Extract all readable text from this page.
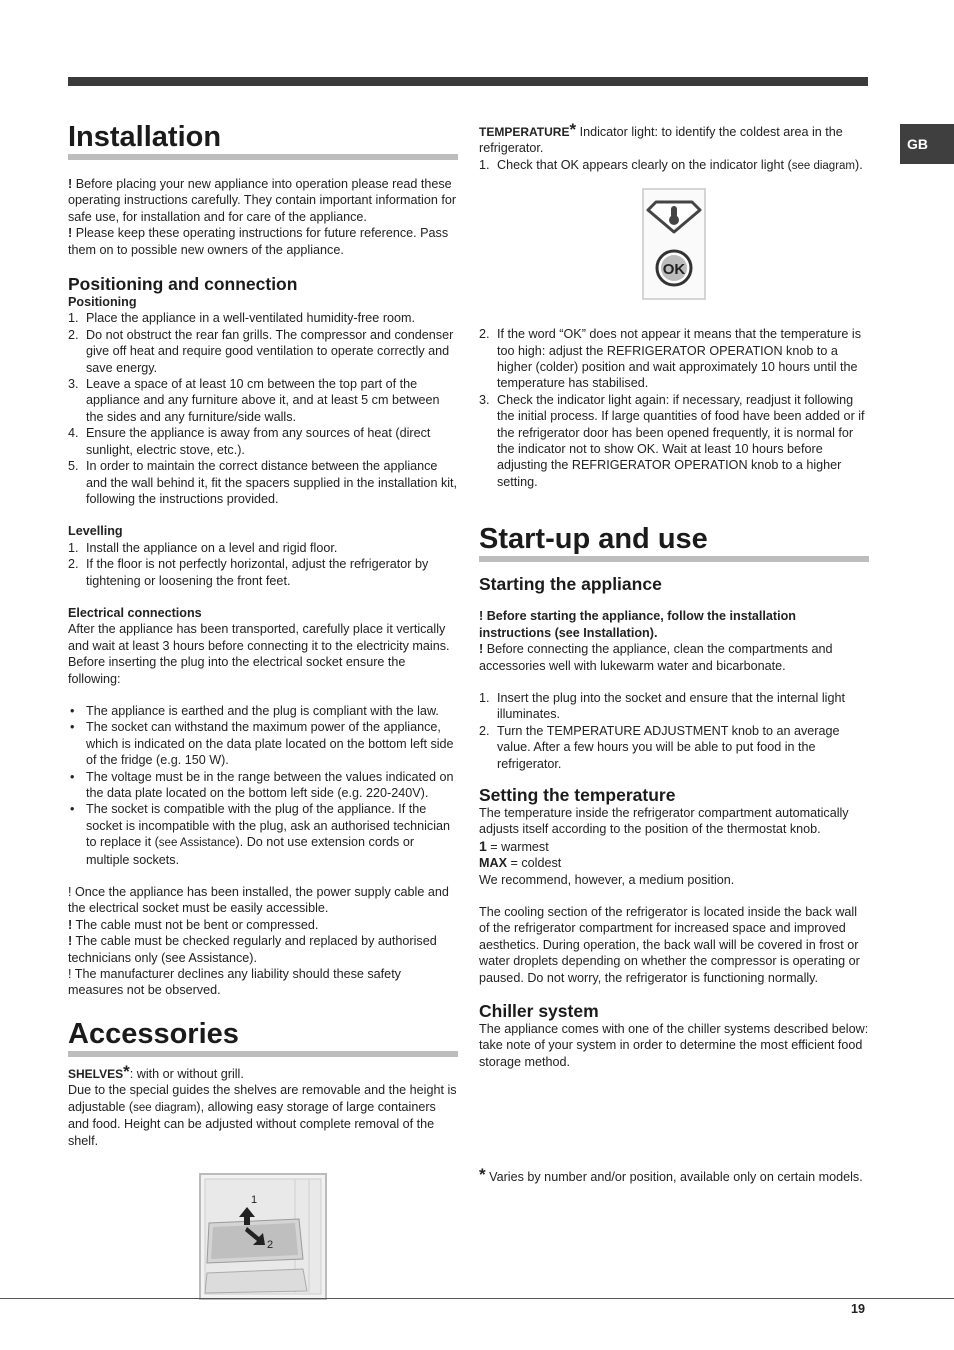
GB
Installation

! Before placing your new appliance into operation please read these operating instructions carefully. They contain important information for safe use, for installation and for care of the appliance.

! Please keep these operating instructions for future reference. Pass them on to possible new owners of the appliance.

Positioning and connection
Positioning
1. Place the appliance in a well-ventilated humidity-free room.
2. Do not obstruct the rear fan grills. The compressor and condenser give off heat and require good ventilation to operate correctly and save energy.
3. Leave a space of at least 10 cm between the top part of the appliance and any furniture above it, and at least 5 cm between the sides and any furniture/side walls.
4. Ensure the appliance is away from any sources of heat (direct sunlight, electric stove, etc.).
5. In order to maintain the correct distance between the appliance and the wall behind it, fit the spacers supplied in the installation kit, following the instructions provided.
Levelling
1. Install the appliance on a level and rigid floor.
2. If the floor is not perfectly horizontal, adjust the refrigerator by tightening or loosening the front feet.
Electrical connections

After the appliance has been transported, carefully place it vertically and wait at least 3 hours before connecting it to the electricity mains. Before inserting the plug into the electrical socket ensure the following:

• The appliance is earthed and the plug is compliant with the law.
• The socket can withstand the maximum power of the appliance, which is indicated on the data plate located on the bottom left side of the fridge (e.g. 150 W).
• The voltage must be in the range between the values indicated on the data plate located on the bottom left side (e.g. 220-240V).
• The socket is compatible with the plug of the appliance. If the socket is incompatible with the plug, ask an authorised technician to replace it (see Assistance). Do not use extension cords or multiple sockets.

! Once the appliance has been installed, the power supply cable and the electrical socket must be easily accessible.

! The cable must not be bent or compressed.

! The cable must be checked regularly and replaced by authorised technicians only (see Assistance).

! The manufacturer declines any liability should these safety measures not be observed.

Accessories

SHELVES*: with or without grill.

Due to the special guides the shelves are removable and the height is adjustable (see diagram), allowing easy storage of large containers and food. Height can be adjusted without complete removal of the shelf.

1
2

TEMPERATURE* Indicator light: to identify the coldest area in the refrigerator.

1. Check that OK appears clearly on the indicator light (see diagram).
OK
2. If the word “OK” does not appear it means that the temperature is too high: adjust the REFRIGERATOR OPERATION knob to a higher (colder) position and wait approximately 10 hours until the temperature has stabilised.
3. Check the indicator light again: if necessary, readjust it following the initial process. If large quantities of food have been added or if the refrigerator door has been opened frequently, it is normal for the indicator not to show OK. Wait at least 10 hours before adjusting the REFRIGERATOR OPERATION knob to a higher setting.
Start-up and use
Starting the appliance

! Before starting the appliance, follow the installation instructions (see Installation).

! Before connecting the appliance, clean the compartments and accessories well with lukewarm water and bicarbonate.

1. Insert the plug into the socket and ensure that the internal light illuminates.
2. Turn the TEMPERATURE ADJUSTMENT knob to an average value. After a few hours you will be able to put food in the refrigerator.
Setting the temperature

The temperature inside the refrigerator compartment automatically adjusts itself according to the position of the thermostat knob.

1 = warmest

MAX = coldest

We recommend, however, a medium position.

The cooling section of the refrigerator is located inside the back wall of the refrigerator compartment for increased space and improved aesthetics. During operation, the back wall will be covered in frost or water droplets depending on whether the compressor is operating or paused. Do not worry, the refrigerator is functioning normally.

Chiller system

The appliance comes with one of the chiller systems described below: take note of your system in order to determine the most efficient food storage method.

* Varies by number and/or position, available only on certain models.

19
